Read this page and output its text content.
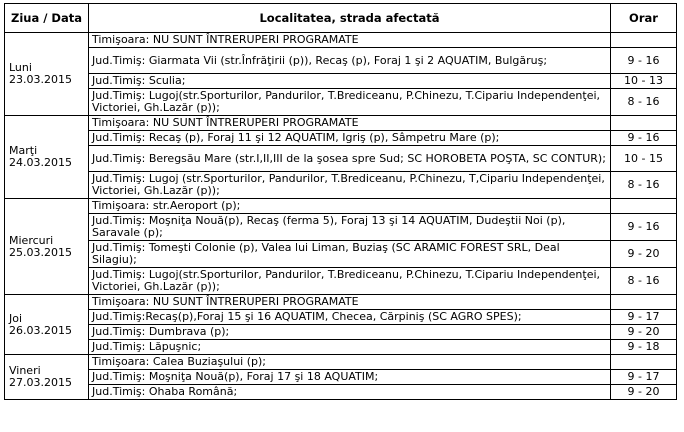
Ziua / Data	Localitatea, strada afectată	Orar

Luni
23.03.2015	Timişoara: NU SUNT ÎNTRERUPERI PROGRAMATE	
	Jud.Timiş: Giarmata Vii (str.Înfrăţirii (p)), Recaş (p), Foraj 1 şi 2 AQUATIM, Bulgăruş;	9 - 16
	Jud.Timiş: Sculia;	10 - 13
	Jud.Timiş: Lugoj(str.Sporturilor, Pandurilor, T.Brediceanu, P.Chinezu, T.Cipariu Independenţei, Victoriei, Gh.Lazăr (p));	8 - 16

Marţi
24.03.2015	Timişoara: NU SUNT ÎNTRERUPERI PROGRAMATE	
	Jud.Timiş: Recaş (p), Foraj 11 şi 12 AQUATIM, Igriş (p), Sâmpetru Mare (p);	9 - 16
	Jud.Timiş: Beregsău Mare (str.I,II,III de la şosea spre Sud; SC HOROBETA POŞTA, SC CONTUR);	10 - 15
	Jud.Timiş: Lugoj (str.Sporturilor, Pandurilor, T.Brediceanu, P.Chinezu, T,Cipariu Independenţei, Victoriei, Gh.Lazăr (p));	8 - 16

Miercuri
25.03.2015	Timişoara: str.Aeroport (p);	
	Jud.Timiş: Moşniţa Nouă(p), Recaş (ferma 5), Foraj 13 şi 14 AQUATIM, Dudeştii Noi (p), Saravale (p);	9 - 16
	Jud.Timiş: Tomeşti Colonie (p), Valea lui Liman, Buziaş (SC ARAMIC FOREST SRL, Deal Silagiu);	9 - 20
	Jud.Timiş: Lugoj(str.Sporturilor, Pandurilor, T.Brediceanu, P.Chinezu, T.Cipariu Independenţei, Victoriei, Gh.Lazăr (p));	8 - 16

Joi
26.03.2015	Timişoara: NU SUNT ÎNTRERUPERI PROGRAMATE	
	Jud.Timiş:Recaş(p),Foraj 15 şi 16 AQUATIM, Checea, Cărpiniş (SC AGRO SPES);	9 - 17
	Jud.Timiş: Dumbrava (p);	9 - 20
	Jud.Timiş: Lăpuşnic;	9 - 18

Vineri
27.03.2015	Timişoara: Calea Buziaşului (p);	
	Jud.Timiş: Moşniţa Nouă(p), Foraj 17 şi 18 AQUATIM;	9 - 17
	Jud.Timiş: Ohaba Română;	9 - 20
